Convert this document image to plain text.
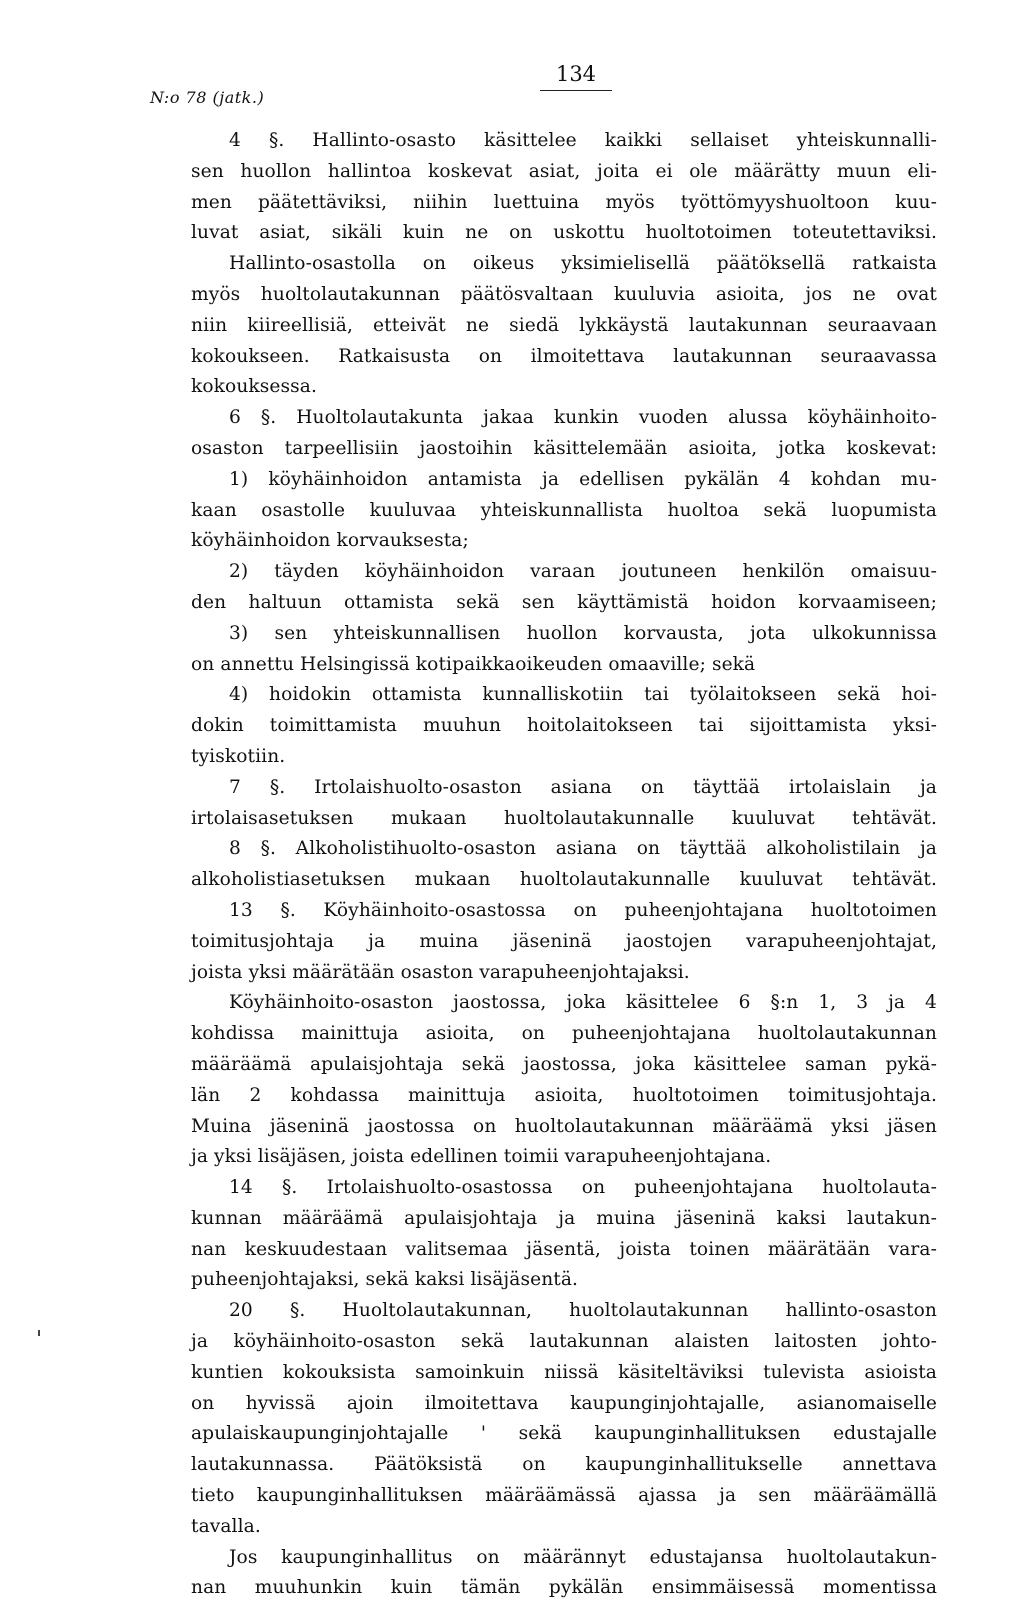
N:o 78 (jatk.)
134
4 §. Hallinto-osasto käsittelee kaikki sellaiset yhteiskunnalli-
sen huollon hallintoa koskevat asiat, joita ei ole määrätty muun eli-
men päätettäviksi, niihin luettuina myös työttömyyshuoltoon kuu-
luvat asiat, sikäli kuin ne on uskottu huoltotoimen toteutettaviksi.
Hallinto-osastolla on oikeus yksimielisellä päätöksellä ratkaista
myös huoltolautakunnan päätösvaltaan kuuluvia asioita, jos ne ovat
niin kiireellisiä, etteivät ne siedä lykkäystä lautakunnan seuraavaan
kokoukseen. Ratkaisusta on ilmoitettava lautakunnan seuraavassa
kokouksessa.
6 §. Huoltolautakunta jakaa kunkin vuoden alussa köyhäinhoito-
osaston tarpeellisiin jaostoihin käsittelemään asioita, jotka koskevat:
1) köyhäinhoidon antamista ja edellisen pykälän 4 kohdan mu-
kaan osastolle kuuluvaa yhteiskunnallista huoltoa sekä luopumista
köyhäinhoidon korvauksesta;
2) täyden köyhäinhoidon varaan joutuneen henkilön omaisuu-
den haltuun ottamista sekä sen käyttämistä hoidon korvaamiseen;
3) sen yhteiskunnallisen huollon korvausta, jota ulkokunnissa
on annettu Helsingissä kotipaikkaoikeuden omaaville; sekä
4) hoidokin ottamista kunnalliskotiin tai työlaitokseen sekä hoi-
dokin toimittamista muuhun hoitolaitokseen tai sijoittamista yksi-
tyiskotiin.
7 §. Irtolaishuolto-osaston asiana on täyttää irtolaislain ja
irtolaisasetuksen mukaan huoltolautakunnalle kuuluvat tehtävät.
8 §. Alkoholistihuolto-osaston asiana on täyttää alkoholistilain ja
alkoholistiasetuksen mukaan huoltolautakunnalle kuuluvat tehtävät.
13 §. Köyhäinhoito-osastossa on puheenjohtajana huoltotoimen
toimitusjohtaja ja muina jäseninä jaostojen varapuheenjohtajat,
joista yksi määrätään osaston varapuheenjohtajaksi.
Köyhäinhoito-osaston jaostossa, joka käsittelee 6 §:n 1, 3 ja 4
kohdissa mainittuja asioita, on puheenjohtajana huoltolautakunnan
määräämä apulaisjohtaja sekä jaostossa, joka käsittelee saman pykä-
län 2 kohdassa mainittuja asioita, huoltotoimen toimitusjohtaja.
Muina jäseninä jaostossa on huoltolautakunnan määräämä yksi jäsen
ja yksi lisäjäsen, joista edellinen toimii varapuheenjohtajana.
14 §. Irtolaishuolto-osastossa on puheenjohtajana huoltolauta-
kunnan määräämä apulaisjohtaja ja muina jäseninä kaksi lautakun-
nan keskuudestaan valitsemaa jäsentä, joista toinen määrätään vara-
puheenjohtajaksi, sekä kaksi lisäjäsentä.
20 §. Huoltolautakunnan, huoltolautakunnan hallinto-osaston
ja köyhäinhoito-osaston sekä lautakunnan alaisten laitosten johto-
kuntien kokouksista samoinkuin niissä käsiteltäviksi tulevista asioista
on hyvissä ajoin ilmoitettava kaupunginjohtajalle, asianomaiselle
apulaiskaupunginjohtajalle ' sekä kaupunginhallituksen edustajalle
lautakunnassa. Päätöksistä on kaupunginhallitukselle annettava
tieto kaupunginhallituksen määräämässä ajassa ja sen määräämällä
tavalla.
Jos kaupunginhallitus on määrännyt edustajansa huoltolautakun-
nan muuhunkin kuin tämän pykälän ensimmäisessä momentissa
